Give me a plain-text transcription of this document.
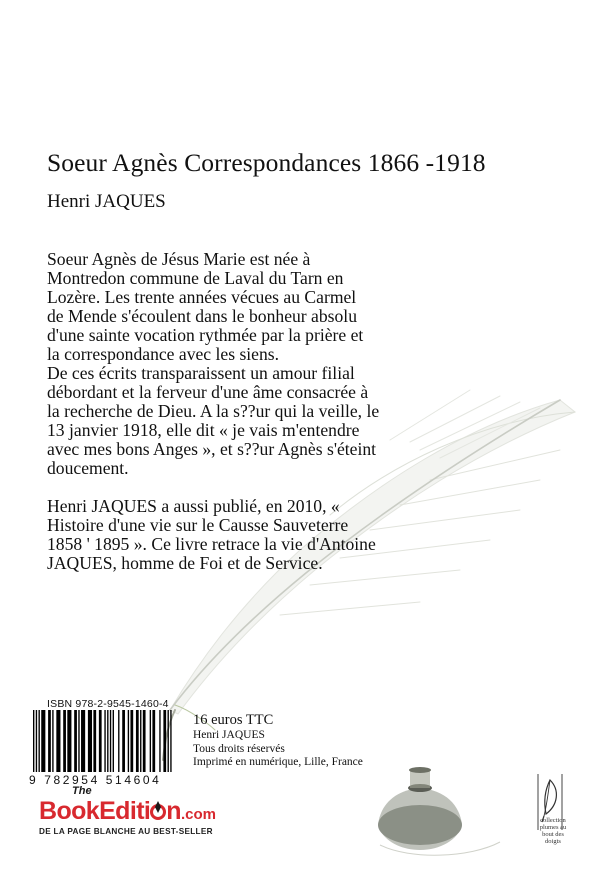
Soeur Agnès Correspondances 1866 -1918
Henri JAQUES

Soeur Agnès de Jésus Marie est née à
Montredon commune de Laval du Tarn en
Lozère. Les trente années vécues au Carmel
de Mende s'écoulent dans le bonheur absolu
d'une sainte vocation rythmée par la prière et
la correspondance avec les siens.

De ces écrits transparaissent un amour filial
débordant et la ferveur d'une âme consacrée à
la recherche de Dieu. A la s??ur qui la veille, le
13 janvier 1918, elle dit « je vais m'entendre
avec mes bons Anges », et s??ur Agnès s'éteint
doucement.

Henri JAQUES a aussi publié, en 2010, «
Histoire d'une vie sur le Causse Sauveterre
1858 ' 1895 ». Ce livre retrace la vie d'Antoine
JAQUES, homme de Foi et de Service.

ISBN 978-2-9545-1460-4
9 782954 514604
16 euros TTC
Henri JAQUES
Tous droits réservés
Imprimé en numérique, Lille, France
The
BookEditi n.com
DE LA PAGE BLANCHE AU BEST-SELLER
collection
plumes au
bout des
doigts
